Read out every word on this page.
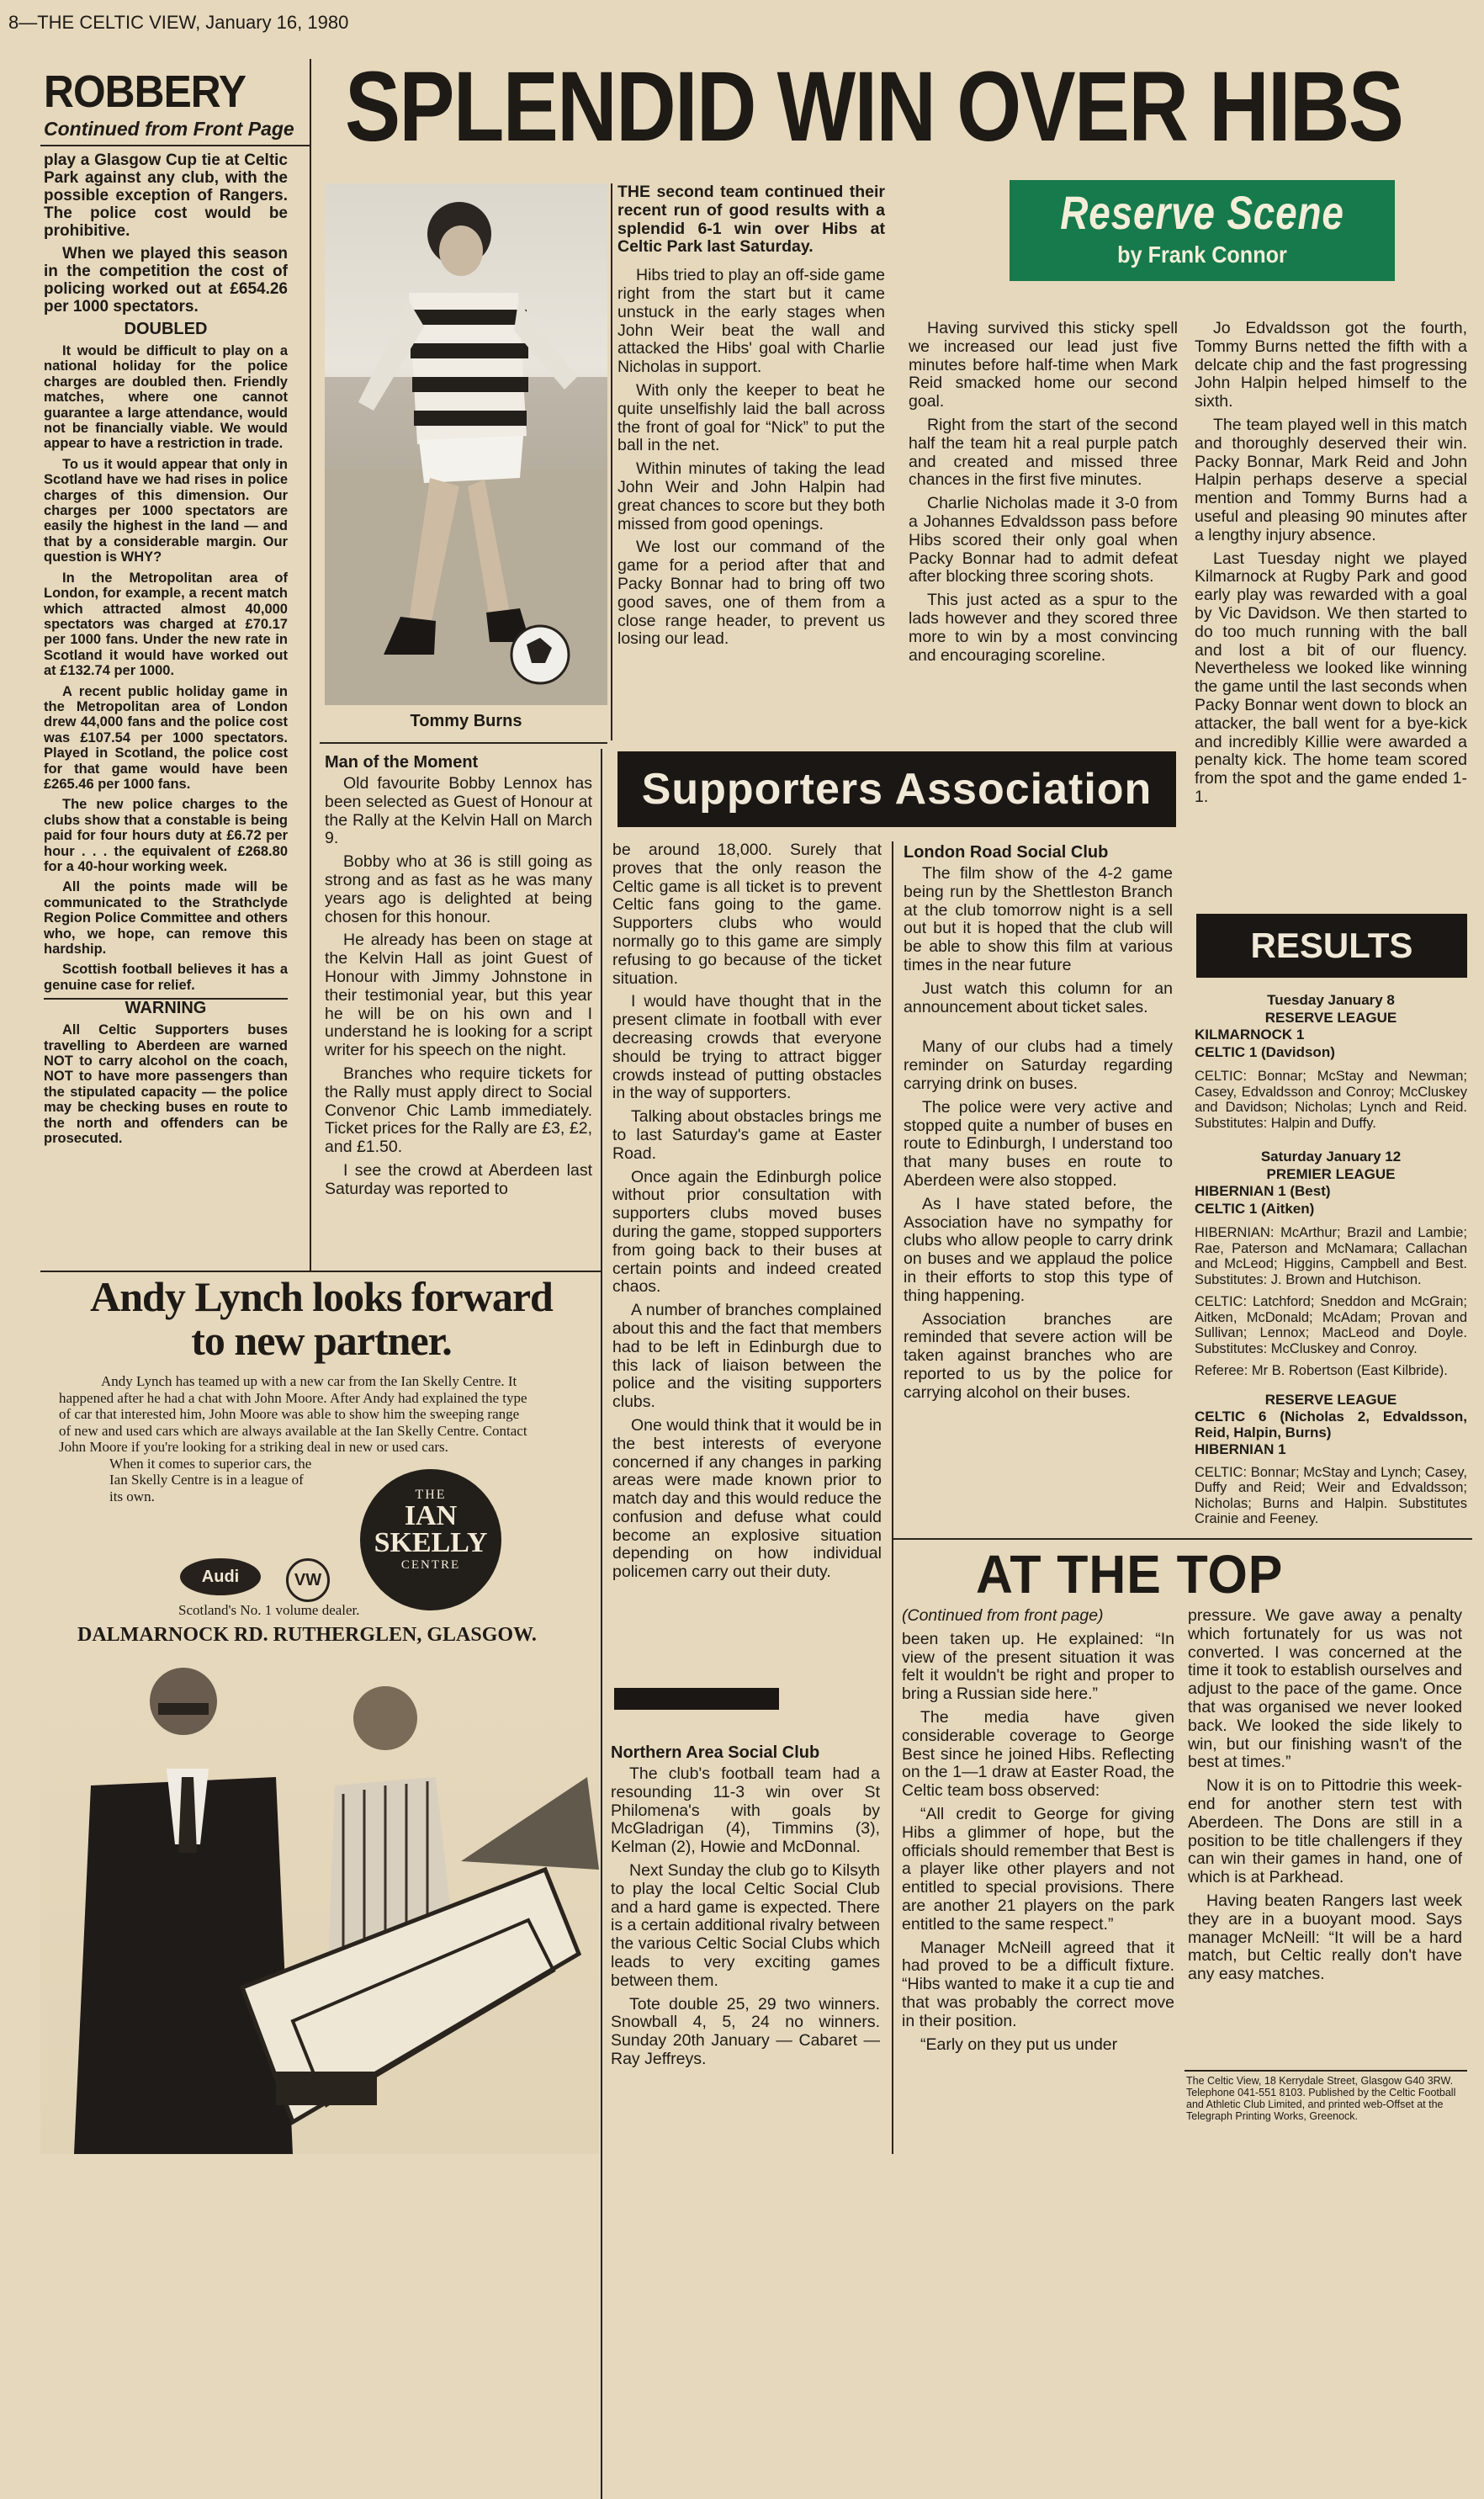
8—THE CELTIC VIEW, January 16, 1980
ROBBERY
Continued from Front Page

play a Glasgow Cup tie at Celtic Park against any club, with the possible exception of Rangers. The police cost would be prohibitive.

When we played this season in the competition the cost of policing worked out at £654.26 per 1000 spectators.

DOUBLED

It would be difficult to play on a national holiday for the police charges are doubled then. Friendly matches, where one cannot guarantee a large attendance, would not be financially viable. We would appear to have a restriction in trade.

To us it would appear that only in Scotland have we had rises in police charges of this dimension. Our charges per 1000 spectators are easily the highest in the land — and that by a considerable margin. Our question is WHY?

In the Metropolitan area of London, for example, a recent match which attracted almost 40,000 spectators was charged at £70.17 per 1000 fans. Under the new rate in Scotland it would have worked out at £132.74 per 1000.

A recent public holiday game in the Metropolitan area of London drew 44,000 fans and the police cost was £107.54 per 1000 spectators. Played in Scotland, the police cost for that game would have been £265.46 per 1000 fans.

The new police charges to the clubs show that a constable is being paid for four hours duty at £6.72 per hour . . . the equivalent of £268.80 for a 40-hour working week.

All the points made will be communicated to the Strathclyde Region Police Committee and others who, we hope, can remove this hardship.

Scottish football believes it has a genuine case for relief.

WARNING

All Celtic Supporters buses travelling to Aberdeen are warned NOT to carry alcohol on the coach, NOT to have more passengers than the stipulated capacity — the police may be checking buses en route to the north and offenders can be prosecuted.

SPLENDID WIN OVER HIBS
Tommy Burns

THE second team continued their recent run of good results with a splendid 6-1 win over Hibs at Celtic Park last Saturday.

Hibs tried to play an off-side game right from the start but it came unstuck in the early stages when John Weir beat the wall and attacked the Hibs' goal with Charlie Nicholas in support.

With only the keeper to beat he quite unselfishly laid the ball across the front of goal for “Nick” to put the ball in the net.

Within minutes of taking the lead John Weir and John Halpin had great chances to score but they both missed from good openings.

We lost our command of the game for a period after that and Packy Bonnar had to bring off two good saves, one of them from a close range header, to prevent us losing our lead.

Reserve Scene
by Frank Connor

Having survived this sticky spell we increased our lead just five minutes before half-time when Mark Reid smacked home our second goal.

Right from the start of the second half the team hit a real purple patch and created and missed three chances in the first five minutes.

Charlie Nicholas made it 3-0 from a Johannes Edvaldsson pass before Hibs scored their only goal when Packy Bonnar had to admit defeat after blocking three scoring shots.

This just acted as a spur to the lads however and they scored three more to win by a most convincing and encouraging scoreline.

Jo Edvaldsson got the fourth, Tommy Burns netted the fifth with a delcate chip and the fast progressing John Halpin helped himself to the sixth.

The team played well in this match and thoroughly deserved their win. Packy Bonnar, Mark Reid and John Halpin perhaps deserve a special mention and Tommy Burns had a useful and pleasing 90 minutes after a lengthy injury absence.

Last Tuesday night we played Kilmarnock at Rugby Park and good early play was rewarded with a goal by Vic Davidson. We then started to do too much running with the ball and lost a bit of our fluency. Nevertheless we looked like winning the game until the last seconds when Packy Bonnar went down to block an attacker, the ball went for a bye-kick and incredibly Killie were awarded a penalty kick. The home team scored from the spot and the game ended 1-1.

Man of the Moment

Old favourite Bobby Lennox has been selected as Guest of Honour at the Rally at the Kelvin Hall on March 9.

Bobby who at 36 is still going as strong and as fast as he was many years ago is delighted at being chosen for this honour.

He already has been on stage at the Kelvin Hall as joint Guest of Honour with Jimmy Johnstone in their testimonial year, but this year he will be on his own and I understand he is looking for a script writer for his speech on the night.

Branches who require tickets for the Rally must apply direct to Social Convenor Chic Lamb immediately. Ticket prices for the Rally are £3, £2, and £1.50.

I see the crowd at Aberdeen last Saturday was reported to

Supporters Association

be around 18,000. Surely that proves that the only reason the Celtic game is all ticket is to prevent Celtic fans going to the game. Supporters clubs who would normally go to this game are simply refusing to go because of the ticket situation.

I would have thought that in the present climate in football with ever decreasing crowds that everyone should be trying to attract bigger crowds instead of putting obstacles in the way of supporters.

Talking about obstacles brings me to last Saturday's game at Easter Road.

Once again the Edinburgh police without prior consultation with supporters clubs moved buses during the game, stopped supporters from going back to their buses at certain points and indeed created chaos.

A number of branches complained about this and the fact that members had to be left in Edinburgh due to this lack of liaison between the police and the visiting supporters clubs.

One would think that it would be in the best interests of everyone concerned if any changes in parking areas were made known prior to match day and this would reduce the confusion and defuse what could become an explosive situation depending on how individual policemen carry out their duty.

London Road Social Club

The film show of the 4-2 game being run by the Shettleston Branch at the club tomorrow night is a sell out but it is hoped that the club will be able to show this film at various times in the near future

Just watch this column for an announcement about ticket sales.

Many of our clubs had a timely reminder on Saturday regarding carrying drink on buses.

The police were very active and stopped quite a number of buses en route to Edinburgh, I understand too that many buses en route to Aberdeen were also stopped.

As I have stated before, the Association have no sympathy for clubs who allow people to carry drink on buses and we applaud the police in their efforts to stop this type of thing happening.

Association branches are reminded that severe action will be taken against branches who are reported to us by the police for carrying alcohol on their buses.

RESULTS

Tuesday January 8

RESERVE LEAGUE

KILMARNOCK 1

CELTIC 1 (Davidson)

CELTIC: Bonnar; McStay and Newman; Casey, Edvaldsson and Conroy; McCluskey and Davidson; Nicholas; Lynch and Reid. Substitutes: Halpin and Duffy.

Saturday January 12

PREMIER LEAGUE

HIBERNIAN 1 (Best)

CELTIC 1 (Aitken)

HIBERNIAN: McArthur; Brazil and Lambie; Rae, Paterson and McNamara; Callachan and McLeod; Higgins, Campbell and Best. Substitutes: J. Brown and Hutchison.

CELTIC: Latchford; Sneddon and McGrain; Aitken, McDonald; McAdam; Provan and Sullivan; Lennox; MacLeod and Doyle. Substitutes: McCluskey and Conroy.

Referee: Mr B. Robertson (East Kilbride).

RESERVE LEAGUE

CELTIC 6 (Nicholas 2, Edvaldsson, Reid, Halpin, Burns)

HIBERNIAN 1

CELTIC: Bonnar; McStay and Lynch; Casey, Duffy and Reid; Weir and Edvaldsson; Nicholas; Burns and Halpin. Substitutes Crainie and Feeney.

AT THE TOP

(Continued from front page)

been taken up. He explained: “In view of the present situation it was felt it wouldn't be right and proper to bring a Russian side here.”

The media have given considerable coverage to George Best since he joined Hibs. Reflecting on the 1—1 draw at Easter Road, the Celtic team boss observed:

“All credit to George for giving Hibs a glimmer of hope, but the officials should remember that Best is a player like other players and not entitled to special provisions. There are another 21 players on the park entitled to the same respect.”

Manager McNeill agreed that it had proved to be a difficult fixture. “Hibs wanted to make it a cup tie and that was probably the correct move in their position.

“Early on they put us under

pressure. We gave away a penalty which fortunately for us was not converted. I was concerned at the time it took to establish ourselves and adjust to the pace of the game. Once that was organised we never looked back. We looked the side likely to win, but our finishing wasn't of the best at times.”

Now it is on to Pittodrie this week-end for another stern test with Aberdeen. The Dons are still in a position to be title challengers if they can win their games in hand, one of which is at Parkhead.

Having beaten Rangers last week they are in a buoyant mood. Says manager McNeill: “It will be a hard match, but Celtic really don't have any easy matches.

The Celtic View, 18 Kerrydale Street, Glasgow G40 3RW. Telephone 041-551 8103. Published by the Celtic Football and Athletic Club Limited, and printed web-Offset at the Telegraph Printing Works, Greenock.
Northern Area Social Club

The club's football team had a resounding 11-3 win over St Philomena's with goals by McGladrigan (4), Timmins (3), Kelman (2), Howie and McDonnal.

Next Sunday the club go to Kilsyth to play the local Celtic Social Club and a hard game is expected. There is a certain additional rivalry between the various Celtic Social Clubs which leads to very exciting games between them.

Tote double 25, 29 two winners. Snowball 4, 5, 24 no winners. Sunday 20th January — Cabaret — Ray Jeffreys.

Andy Lynch looks forward
to new partner.
Andy Lynch has teamed up with a new car from the Ian Skelly Centre. It happened after he had a chat with John Moore. After Andy had explained the type of car that interested him, John Moore was able to show him the sweeping range of new and used cars which are always available at the Ian Skelly Centre. Contact John Moore if you're looking for a striking deal in new or used cars.
When it comes to superior cars, the Ian Skelly Centre is in a league of its own.	THE
IAN
SKELLY
CENTRE
Audi	VW
Scotland's No. 1 volume dealer.
DALMARNOCK RD. RUTHERGLEN, GLASGOW.
